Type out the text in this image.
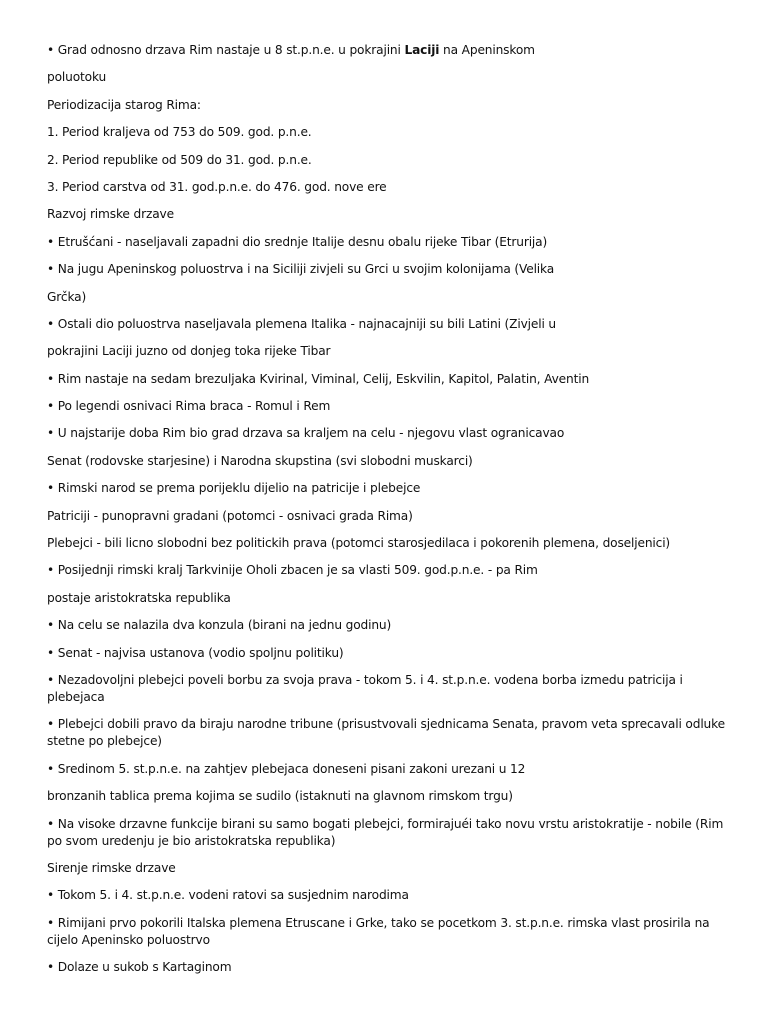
• Grad odnosno drzava Rim nastaje u 8 st.p.n.e. u pokrajini Laciji na Apeninskom

poluotoku

Periodizacija starog Rima:

1. Period kraljeva od 753 do 509. god. p.n.e.

2. Period republike od 509 do 31. god. p.n.e.

3. Period carstva od 31. god.p.n.e. do 476. god. nove ere

Razvoj rimske drzave

• Etrušćani - naseljavali zapadni dio srednje Italije desnu obalu rijeke Tibar (Etrurija)

• Na jugu Apeninskog poluostrva i na Siciliji zivjeli su Grci u svojim kolonijama (Velika

Grčka)

• Ostali dio poluostrva naseljavala plemena Italika - najnacajniji su bili Latini (Zivjeli u

pokrajini Laciji juzno od donjeg toka rijeke Tibar

• Rim nastaje na sedam brezuljaka Kvirinal, Viminal, Celij, Eskvilin, Kapitol, Palatin, Aventin

• Po legendi osnivaci Rima braca - Romul i Rem

• U najstarije doba Rim bio grad drzava sa kraljem na celu - njegovu vlast ogranicavao

Senat (rodovske starjesine) i Narodna skupstina (svi slobodni muskarci)

• Rimski narod se prema porijeklu dijelio na patricije i plebejce

Patriciji - punopravni gradani (potomci - osnivaci grada Rima)

Plebejci - bili licno slobodni bez politickih prava (potomci starosjedilaca i pokorenih plemena, doseljenici)

• Posijednji rimski kralj Tarkvinije Oholi zbacen je sa vlasti 509. god.p.n.e. - pa Rim

postaje aristokratska republika

• Na celu se nalazila dva konzula (birani na jednu godinu)

• Senat - najvisa ustanova (vodio spoljnu politiku)

• Nezadovoljni plebejci poveli borbu za svoja prava - tokom 5. i 4. st.p.n.e. vodena borba izmedu patricija i plebejaca

• Plebejci dobili pravo da biraju narodne tribune (prisustvovali sjednicama Senata, pravom veta sprecavali odluke stetne po plebejce)

• Sredinom 5. st.p.n.e. na zahtjev plebejaca doneseni pisani zakoni urezani u 12

bronzanih tablica prema kojima se sudilo (istaknuti na glavnom rimskom trgu)

• Na visoke drzavne funkcije birani su samo bogati plebejci, formirajuéi tako novu vrstu aristokratije - nobile (Rim po svom uredenju je bio aristokratska republika)

Sirenje rimske drzave

• Tokom 5. i 4. st.p.n.e. vodeni ratovi sa susjednim narodima

• Rimijani prvo pokorili Italska plemena Etruscane i Grke, tako se pocetkom 3. st.p.n.e. rimska vlast prosirila na cijelo Apeninsko poluostrvo

• Dolaze u sukob s Kartaginom
